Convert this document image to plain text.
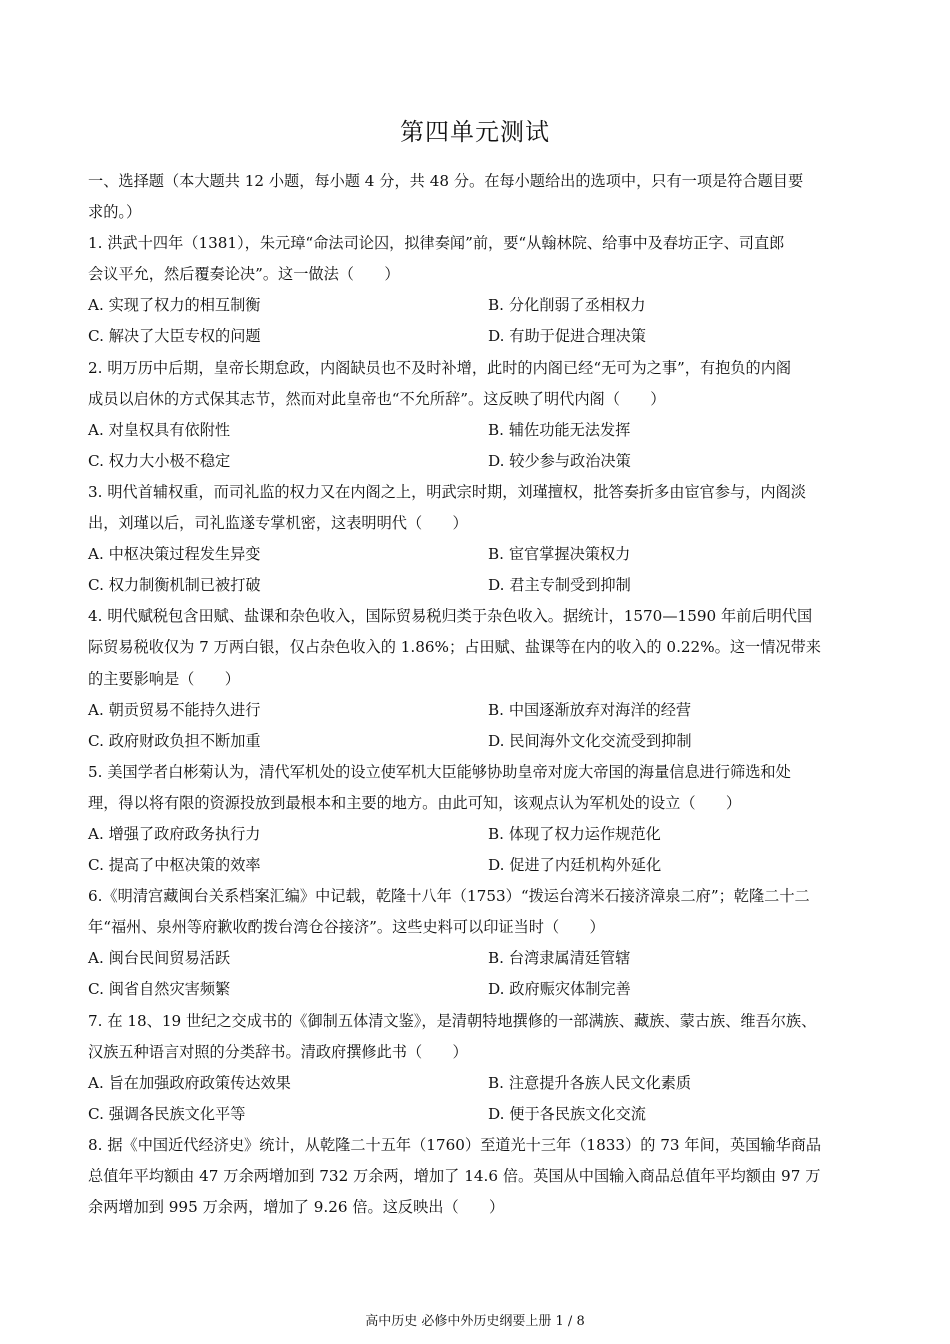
第四单元测试
一、选择题（本大题共 12 小题，每小题 4 分，共 48 分。在每小题给出的选项中，只有一项是符合题目要
求的。）
1. 洪武十四年（1381），朱元璋“命法司论囚，拟律奏闻”前，要“从翰林院、给事中及春坊正字、司直郎
会议平允，然后覆奏论决”。这一做法（　　）
A. 实现了权力的相互制衡	B. 分化削弱了丞相权力
C. 解决了大臣专权的问题	D. 有助于促进合理决策
2. 明万历中后期，皇帝长期怠政，内阁缺员也不及时补增，此时的内阁已经“无可为之事”，有抱负的内阁
成员以启休的方式保其志节，然而对此皇帝也“不允所辞”。这反映了明代内阁（　　）
A. 对皇权具有依附性	B. 辅佐功能无法发挥
C. 权力大小极不稳定	D. 较少参与政治决策
3. 明代首辅权重，而司礼监的权力又在内阁之上，明武宗时期，刘瑾擅权，批答奏折多由宦官参与，内阁淡
出，刘瑾以后，司礼监遂专掌机密，这表明明代（　　）
A. 中枢决策过程发生异变	B. 宦官掌握决策权力
C. 权力制衡机制已被打破	D. 君主专制受到抑制
4. 明代赋税包含田赋、盐课和杂色收入，国际贸易税归类于杂色收入。据统计，1570—1590 年前后明代国
际贸易税收仅为 7 万两白银，仅占杂色收入的 1.86%；占田赋、盐课等在内的收入的 0.22%。这一情况带来
的主要影响是（　　）
A. 朝贡贸易不能持久进行	B. 中国逐渐放弃对海洋的经营
C. 政府财政负担不断加重	D. 民间海外文化交流受到抑制
5. 美国学者白彬菊认为，清代军机处的设立使军机大臣能够协助皇帝对庞大帝国的海量信息进行筛选和处
理，得以将有限的资源投放到最根本和主要的地方。由此可知，该观点认为军机处的设立（　　）
A. 增强了政府政务执行力	B. 体现了权力运作规范化
C. 提高了中枢决策的效率	D. 促进了内廷机构外延化
6.《明清宫藏闽台关系档案汇编》中记载，乾隆十八年（1753）“拨运台湾米石接济漳泉二府”；乾隆二十二
年“福州、泉州等府歉收酌拨台湾仓谷接济”。这些史料可以印证当时（　　）
A. 闽台民间贸易活跃	B. 台湾隶属清廷管辖
C. 闽省自然灾害频繁	D. 政府赈灾体制完善
7. 在 18、19 世纪之交成书的《御制五体清文鉴》，是清朝特地撰修的一部满族、藏族、蒙古族、维吾尔族、
汉族五种语言对照的分类辞书。清政府撰修此书（　　）
A. 旨在加强政府政策传达效果	B. 注意提升各族人民文化素质
C. 强调各民族文化平等	D. 便于各民族文化交流
8. 据《中国近代经济史》统计，从乾隆二十五年（1760）至道光十三年（1833）的 73 年间，英国输华商品
总值年平均额由 47 万余两增加到 732 万余两，增加了 14.6 倍。英国从中国输入商品总值年平均额由 97 万
余两增加到 995 万余两，增加了 9.26 倍。这反映出（　　）
高中历史 必修中外历史纲要上册 1 / 8
